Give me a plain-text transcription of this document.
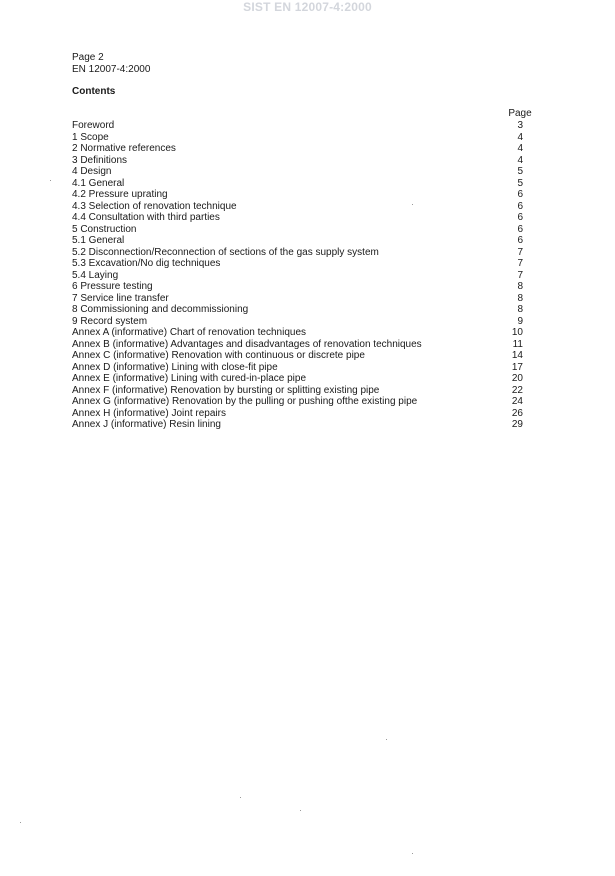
SIST EN 12007-4:2000
Page 2
EN 12007-4:2000
Contents
Page
Foreword	3
1 Scope	4
2 Normative references	4
3 Definitions	4
4 Design	5
4.1 General	5
4.2 Pressure uprating	6
4.3 Selection of renovation technique	6
4.4 Consultation with third parties	6
5 Construction	6
5.1 General	6
5.2 Disconnection/Reconnection of sections of the gas supply system	7
5.3 Excavation/No dig techniques	7
5.4 Laying	7
6 Pressure testing	8
7 Service line transfer	8
8 Commissioning and decommissioning	8
9 Record system	9
Annex A (informative) Chart of renovation techniques	10
Annex B (informative) Advantages and disadvantages of renovation techniques	11
Annex C (informative) Renovation with continuous or discrete pipe	14
Annex D (informative) Lining with close-fit pipe	17
Annex E (informative) Lining with cured-in-place pipe	20
Annex F (informative) Renovation by bursting or splitting existing pipe	22
Annex G (informative) Renovation by the pulling or pushing ofthe existing pipe	24
Annex H (informative) Joint repairs	26
Annex J (informative) Resin lining	29
